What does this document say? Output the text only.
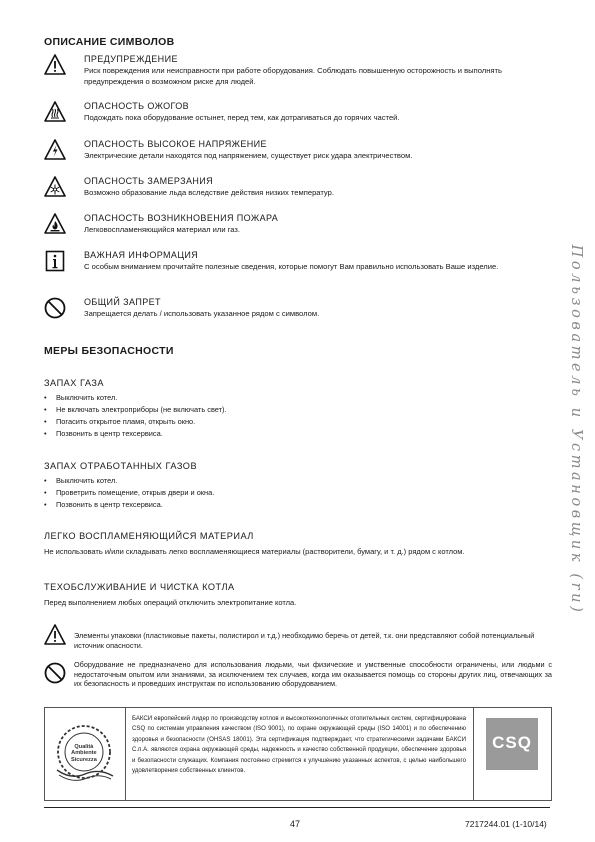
ОПИСАНИЕ СИМВОЛОВ
ПРЕДУПРЕЖДЕНИЕ
Риск повреждения или неисправности при работе оборудования. Соблюдать повышенную осторожность и выполнять предупреждения о возможном риске для людей.
ОПАСНОСТЬ ОЖОГОВ
Подождать пока оборудование остынет, перед тем, как дотрагиваться до горячих частей.
ОПАСНОСТЬ ВЫСОКОЕ НАПРЯЖЕНИЕ
Электрические детали находятся под напряжением, существует риск удара электричеством.
ОПАСНОСТЬ ЗАМЕРЗАНИЯ
Возможно образование льда вследствие действия низких температур.
ОПАСНОСТЬ ВОЗНИКНОВЕНИЯ ПОЖАРА
Легковоспламеняющийся материал или газ.
ВАЖНАЯ ИНФОРМАЦИЯ
С особым вниманием прочитайте полезные сведения, которые помогут Вам правильно использовать Ваше изделие.
ОБЩИЙ ЗАПРЕТ
Запрещается делать / использовать указанное рядом с символом.
МЕРЫ БЕЗОПАСНОСТИ
ЗАПАХ ГАЗА
• Выключить котел.
• Не включать электроприборы (не включать свет).
• Погасить открытое пламя, открыть окно.
• Позвонить в центр техсервиса.
ЗАПАХ ОТРАБОТАННЫХ ГАЗОВ
• Выключить котел.
• Проветрить помещение, открыв двери и окна.
• Позвонить в центр техсервиса.
ЛЕГКО ВОСПЛАМЕНЯЮЩИЙСЯ МАТЕРИАЛ
Не использовать и/или складывать легко воспламеняющиеся материалы (растворители, бумагу, и т. д.) рядом с котлом.
ТЕХОБСЛУЖИВАНИЕ И ЧИСТКА КОТЛА
Перед выполнением любых операций отключить электропитание котла.
Элементы упаковки (пластиковые пакеты, полистирол и т.д.) необходимо беречь от детей, т.к. они представляют собой потенциальный источник опасности.
Оборудование не предназначено для использования людьми, чьи физические и умственные способности ограничены, или людьми с недостаточным опытом или знаниями, за исключением тех случаев, когда им оказывается помощь со стороны других лиц, отвечающих за их безопасность и проведших инструктаж по использованию оборудованием.
Qualità
Ambiente
Sicurezza
БАКСИ европейский лидер по производству котлов и высокотехнологичных отопительных систем, сертифицирована CSQ по системам управления качеством (ISO 9001), по охране окружающей среды (ISO 14001) и по обеспечению здоровья и безопасности (OHSAS 18001). Эта сертификация подтверждает, что стратегическими задачами БАКСИ С.п.А. являются охрана окружающей среды, надежность и качество собственной продукции, обеспечение здоровья и безопасности служащих. Компания постоянно стремится к улучшению указанных аспектов, с целью наибольшего удовлетворения собственных клиентов.
CSQ
47	7217244.01 (1-10/14)
Пользователь и Установщик (ru)
